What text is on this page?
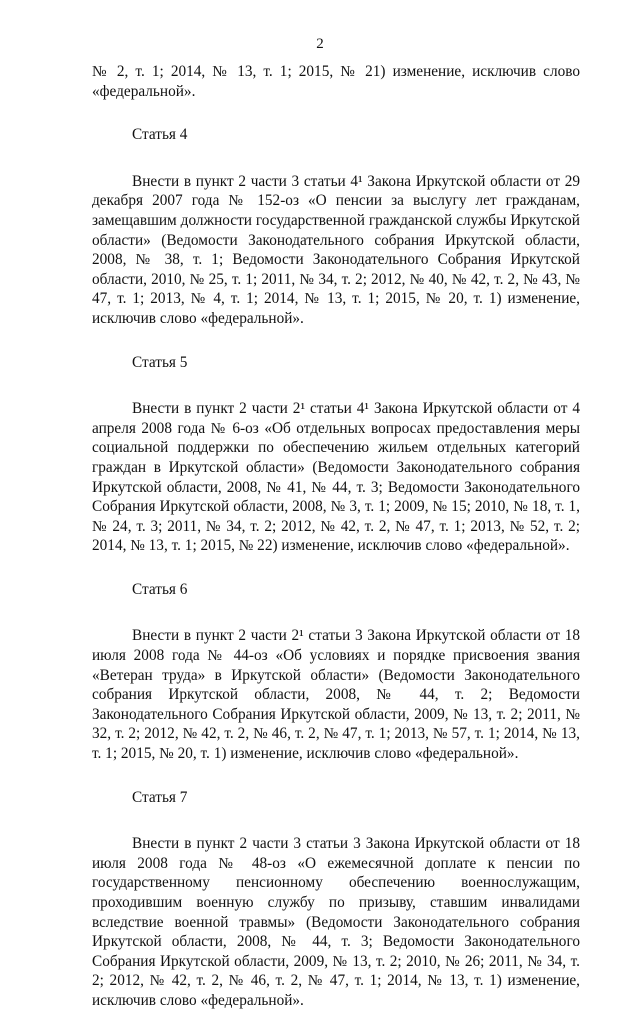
2

№ 2, т. 1; 2014, № 13, т. 1; 2015, № 21) изменение, исключив слово «федеральной».

Статья 4

Внести в пункт 2 части 3 статьи 4¹ Закона Иркутской области от 29 декабря 2007 года № 152-оз «О пенсии за выслугу лет гражданам, замещавшим должности государственной гражданской службы Иркутской области» (Ведомости Законодательного собрания Иркутской области, 2008, № 38, т. 1; Ведомости Законодательного Собрания Иркутской области, 2010, № 25, т. 1; 2011, № 34, т. 2; 2012, № 40, № 42, т. 2, № 43, № 47, т. 1; 2013, № 4, т. 1; 2014, № 13, т. 1; 2015, № 20, т. 1) изменение, исключив слово «федеральной».

Статья 5

Внести в пункт 2 части 2¹ статьи 4¹ Закона Иркутской области от 4 апреля 2008 года № 6-оз «Об отдельных вопросах предоставления меры социальной поддержки по обеспечению жильем отдельных категорий граждан в Иркутской области» (Ведомости Законодательного собрания Иркутской области, 2008, № 41, № 44, т. 3; Ведомости Законодательного Собрания Иркутской области, 2008, № 3, т. 1; 2009, № 15; 2010, № 18, т. 1, № 24, т. 3; 2011, № 34, т. 2; 2012, № 42, т. 2, № 47, т. 1; 2013, № 52, т. 2; 2014, № 13, т. 1; 2015, № 22) изменение, исключив слово «федеральной».

Статья 6

Внести в пункт 2 части 2¹ статьи 3 Закона Иркутской области от 18 июля 2008 года № 44-оз «Об условиях и порядке присвоения звания «Ветеран труда» в Иркутской области» (Ведомости Законодательного собрания Иркутской области, 2008, № 44, т. 2; Ведомости Законодательного Собрания Иркутской области, 2009, № 13, т. 2; 2011, № 32, т. 2; 2012, № 42, т. 2, № 46, т. 2, № 47, т. 1; 2013, № 57, т. 1; 2014, № 13, т. 1; 2015, № 20, т. 1) изменение, исключив слово «федеральной».

Статья 7

Внести в пункт 2 части 3 статьи 3 Закона Иркутской области от 18 июля 2008 года № 48-оз «О ежемесячной доплате к пенсии по государственному пенсионному обеспечению военнослужащим, проходившим военную службу по призыву, ставшим инвалидами вследствие военной травмы» (Ведомости Законодательного собрания Иркутской области, 2008, № 44, т. 3; Ведомости Законодательного Собрания Иркутской области, 2009, № 13, т. 2; 2010, № 26; 2011, № 34, т. 2; 2012, № 42, т. 2, № 46, т. 2, № 47, т. 1; 2014, № 13, т. 1) изменение, исключив слово «федеральной».
